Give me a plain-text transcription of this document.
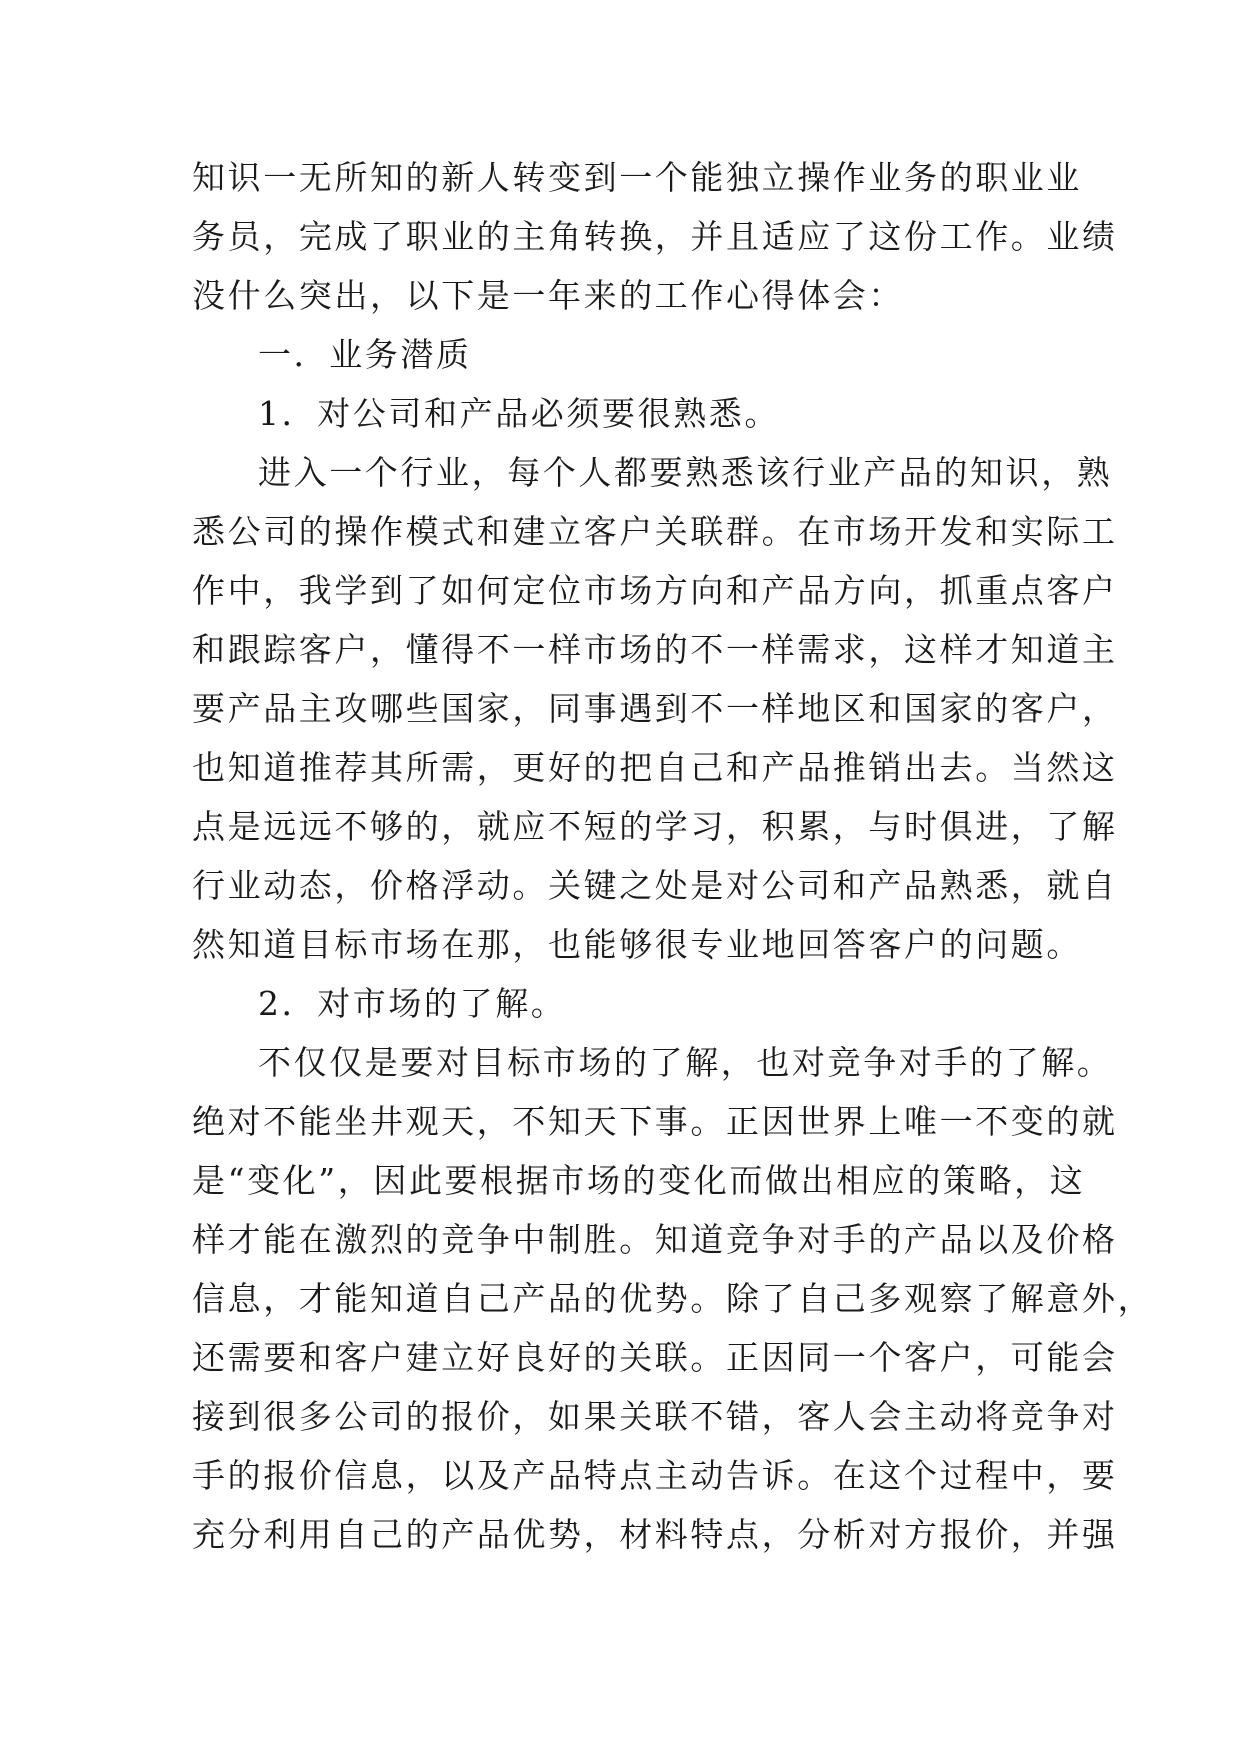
知识一无所知的新人转变到一个能独立操作业务的职业业
务员，完成了职业的主角转换，并且适应了这份工作。业绩
没什么突出，以下是一年来的工作心得体会：
一．业务潜质
1．对公司和产品必须要很熟悉。
进入一个行业，每个人都要熟悉该行业产品的知识，熟
悉公司的操作模式和建立客户关联群。在市场开发和实际工
作中，我学到了如何定位市场方向和产品方向，抓重点客户
和跟踪客户，懂得不一样市场的不一样需求，这样才知道主
要产品主攻哪些国家，同事遇到不一样地区和国家的客户，
也知道推荐其所需，更好的把自己和产品推销出去。当然这
点是远远不够的，就应不短的学习，积累，与时俱进，了解
行业动态，价格浮动。关键之处是对公司和产品熟悉，就自
然知道目标市场在那，也能够很专业地回答客户的问题。
2．对市场的了解。
不仅仅是要对目标市场的了解，也对竞争对手的了解。
绝对不能坐井观天，不知天下事。正因世界上唯一不变的就
是“变化”，因此要根据市场的变化而做出相应的策略，这
样才能在激烈的竞争中制胜。知道竞争对手的产品以及价格
信息，才能知道自己产品的优势。除了自己多观察了解意外，
还需要和客户建立好良好的关联。正因同一个客户，可能会
接到很多公司的报价，如果关联不错，客人会主动将竞争对
手的报价信息，以及产品特点主动告诉。在这个过程中，要
充分利用自己的产品优势，材料特点，分析对方报价，并强
